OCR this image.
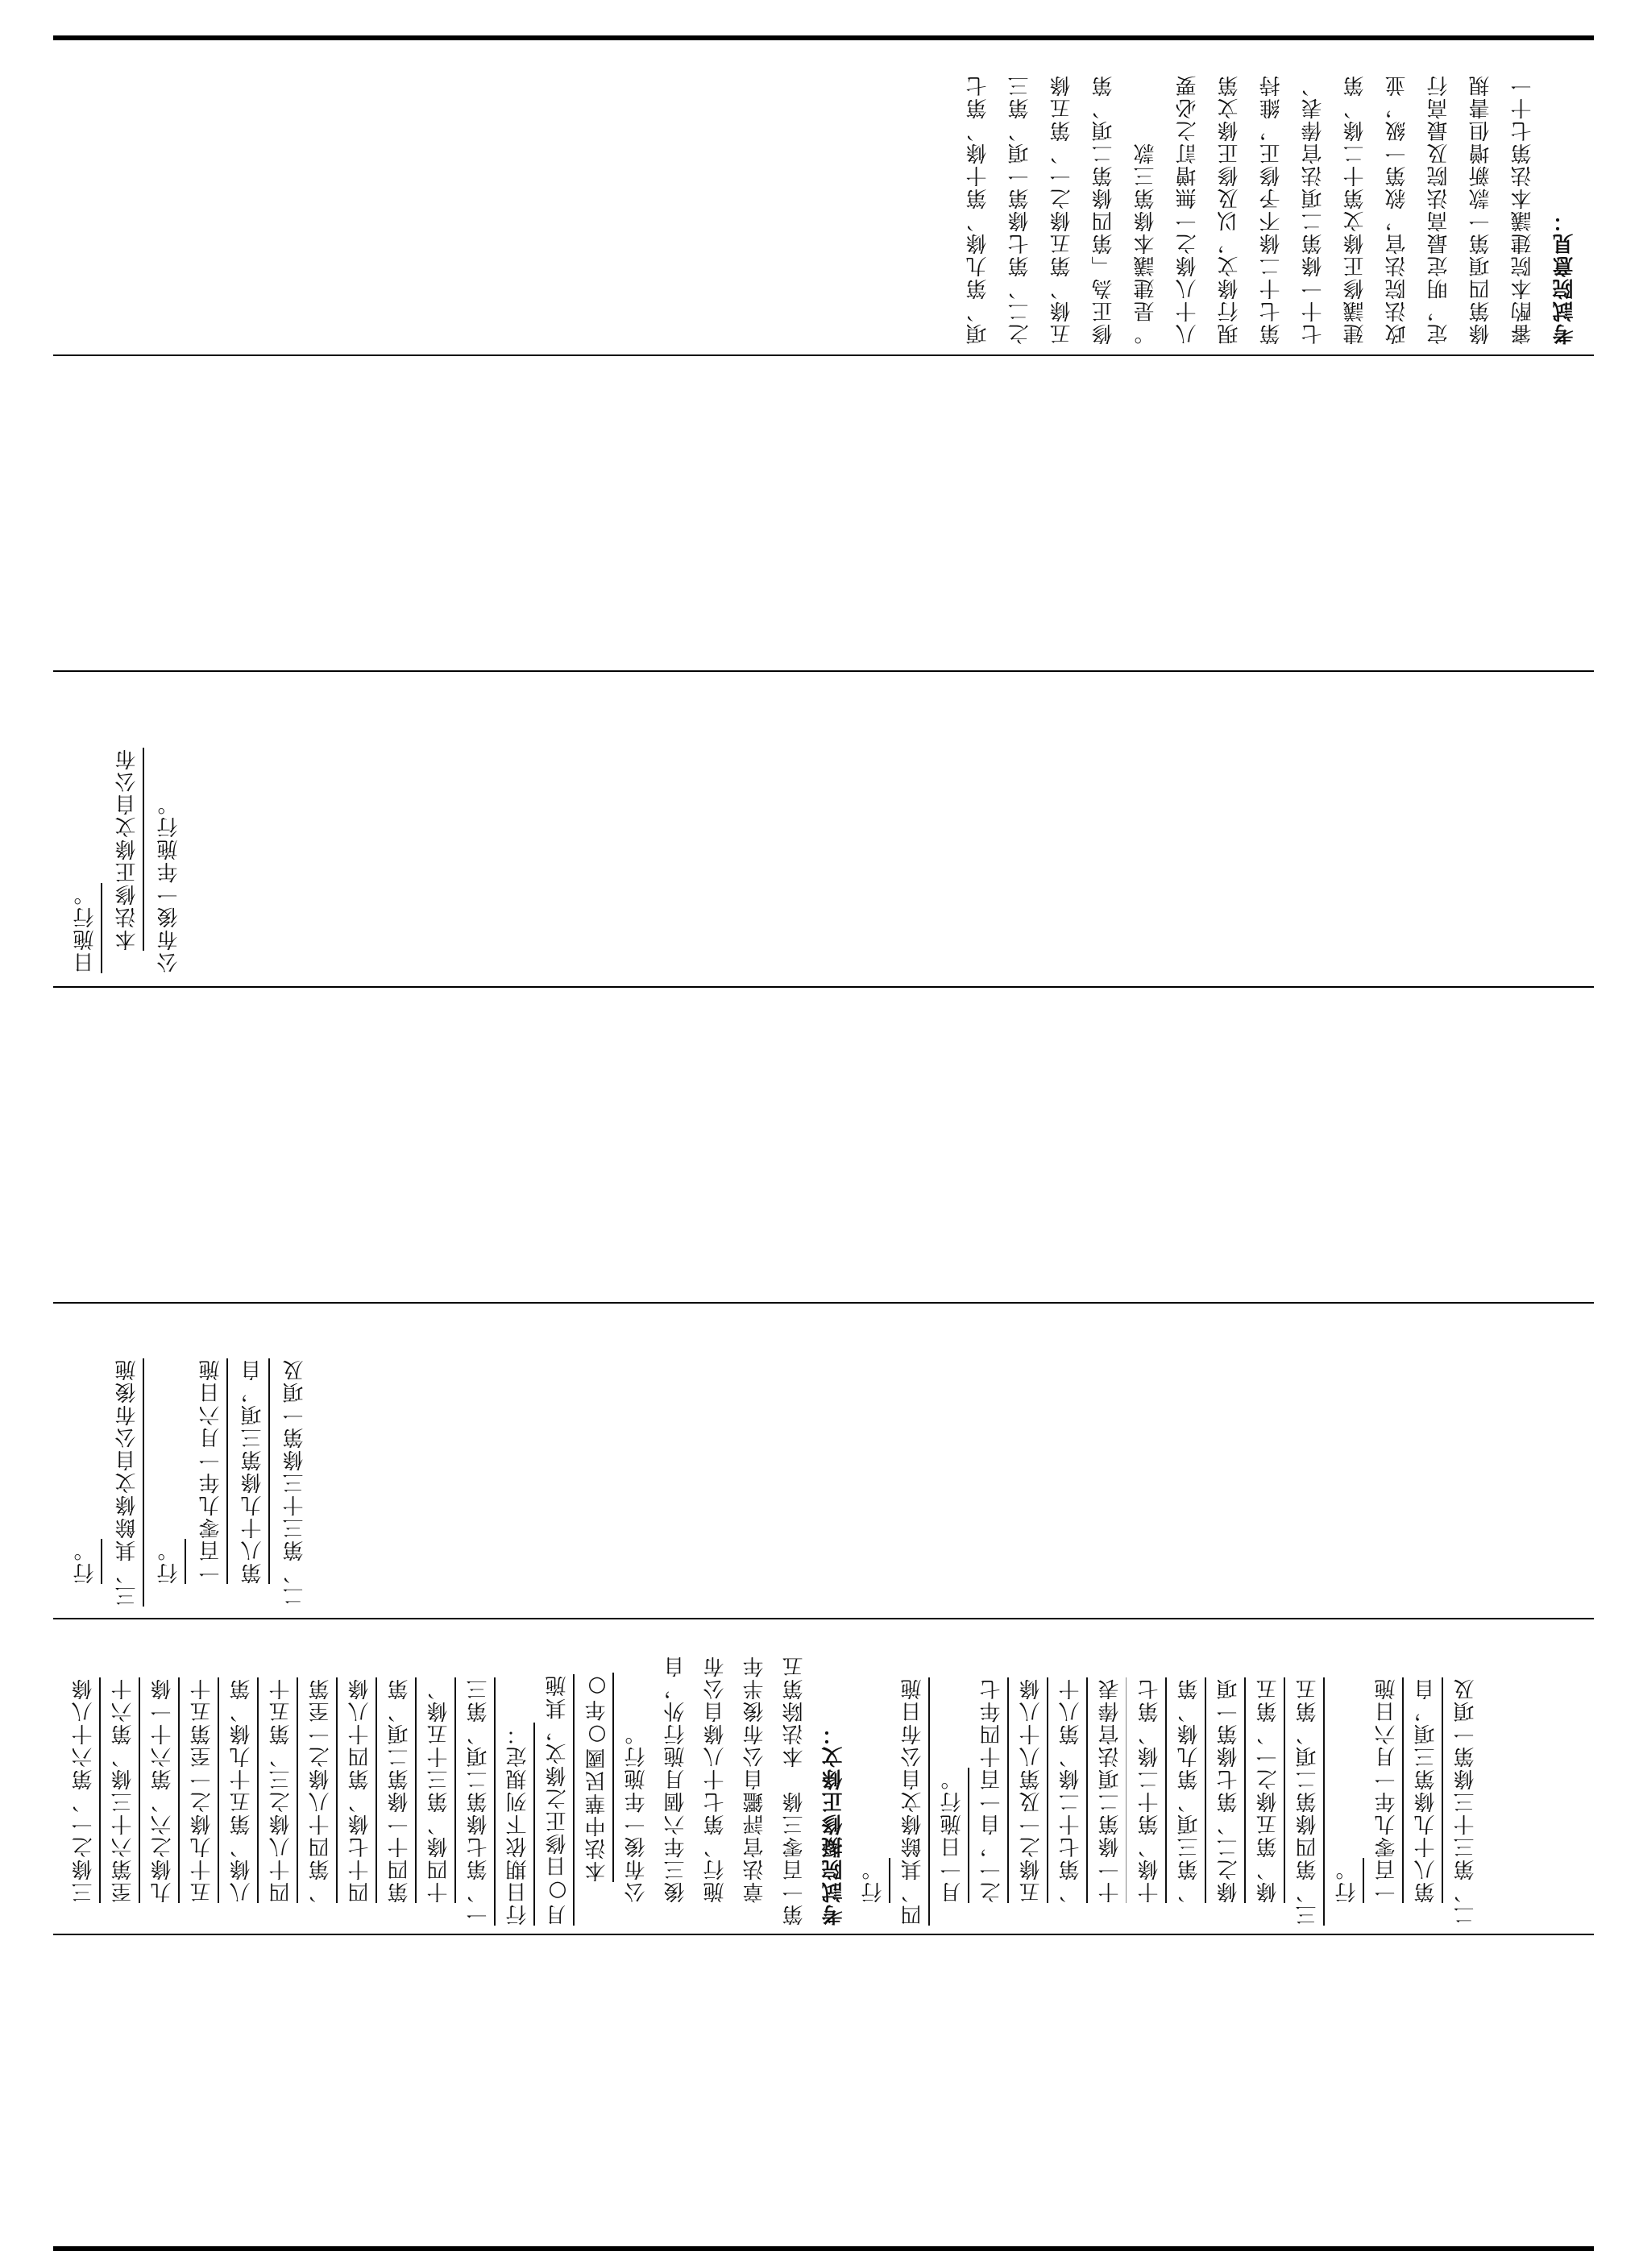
考試院意見：
審酌本院建議本法第七十一
條第四項第一款新增但書規
定，明定最高法院及最高行
政法院法官，敘第一級，並
建議修正條文第十二條、第
七十一條第二項法官俸表、
第七十二條不予修正，維持
現行條文，以及修正條文第
八十八條之一無增訂之必要
。是建議本條第三款
修正為「第四條第二項、第
五條、第五條之一、第五條
之二、第七條第一項、第三
項、第九條、第十條、第七
公布後一年施行。
本法修正條文自公布
日施行。
二、第三十三條第一項及
第八十九條第三項，自
一百零九年一月六日施
行。
三、其餘條文自公布後施
行。
二、第三十三條第一項及
第八十九條第三項，自
一百零九年一月六日施
行。
三、第四條第二項、第五
條、第五條之一、第五
條之二、第七條第一項
、第三項、第九條、第
十條、第十二條、第七
十一條第二項法官俸表
、第七十二條、第八十
五條之一及第八十八條
之一，自一百十四年七
月一日施行。
四、其餘條文自公布日施
行。
考試院擬修正條文：
第一百零三條　本法除第五
章法官評鑑自公布後半年
施行、第七十八條自公布
後三年六個月施行外，自
公布後一年施行。
本法中華民國○年○
月○日修正之條文，其施
行日期依下列規定：
一、第七條第二項、第三
十四條、第三十五條、
第四十一條第二項、第
四十七條、第四十八條
、第四十八條之一至第
四十八條之三、第五十
八條、第五十九條、第
五十九條之一至第五十
九條之六、第六十一條
至第六十三條、第六十
三條之一、第六十八條
